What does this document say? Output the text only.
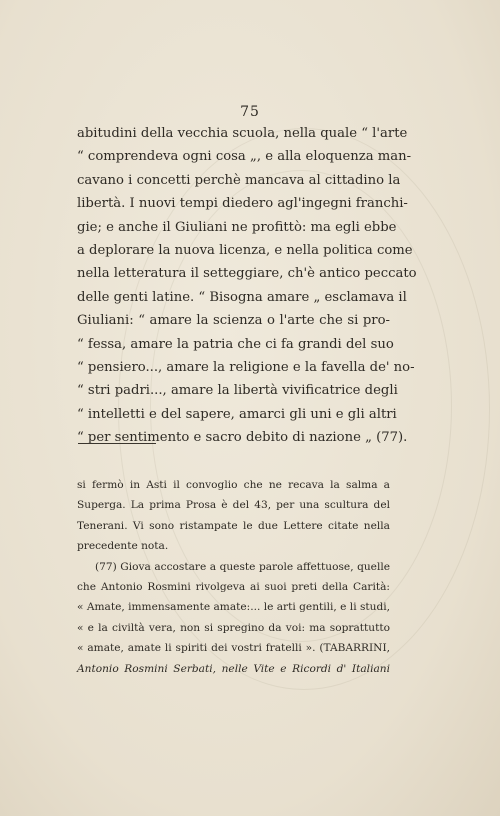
75
abitudini della vecchia scuola, nella quale “ l'arte
“ comprendeva ogni cosa „, e alla eloquenza man-
cavano i concetti perchè mancava al cittadino la
libertà. I nuovi tempi diedero agl'ingegni franchi-
gie; e anche il Giuliani ne profittò: ma egli ebbe
a deplorare la nuova licenza, e nella politica come
nella letteratura il setteggiare, ch'è antico peccato
delle genti latine. “ Bisogna amare „ esclamava il
Giuliani: “ amare la scienza o l'arte che si pro-
“ fessa, amare la patria che ci fa grandi del suo
“ pensiero..., amare la religione e la favella de' no-
“ stri padri..., amare la libertà vivificatrice degli
“ intelletti e del sapere, amarci gli uni e gli altri
“ per sentimento e sacro debito di nazione „ (77).
si fermò in Asti il convoglio che ne recava la salma a
Superga. La prima Prosa è del 43, per una scultura del
Tenerani. Vi sono ristampate le due Lettere citate nella
precedente nota.
(77) Giova accostare a queste parole affettuose, quelle
che Antonio Rosmini rivolgeva ai suoi preti della Carità:
« Amate, immensamente amate:... le arti gentili, e li studi,
« e la civiltà vera, non si spregino da voi: ma soprattutto
« amate, amate li spiriti dei vostri fratelli ». (TABARRINI,
Antonio Rosmini Serbati, nelle Vite e Ricordi d' Italiani
